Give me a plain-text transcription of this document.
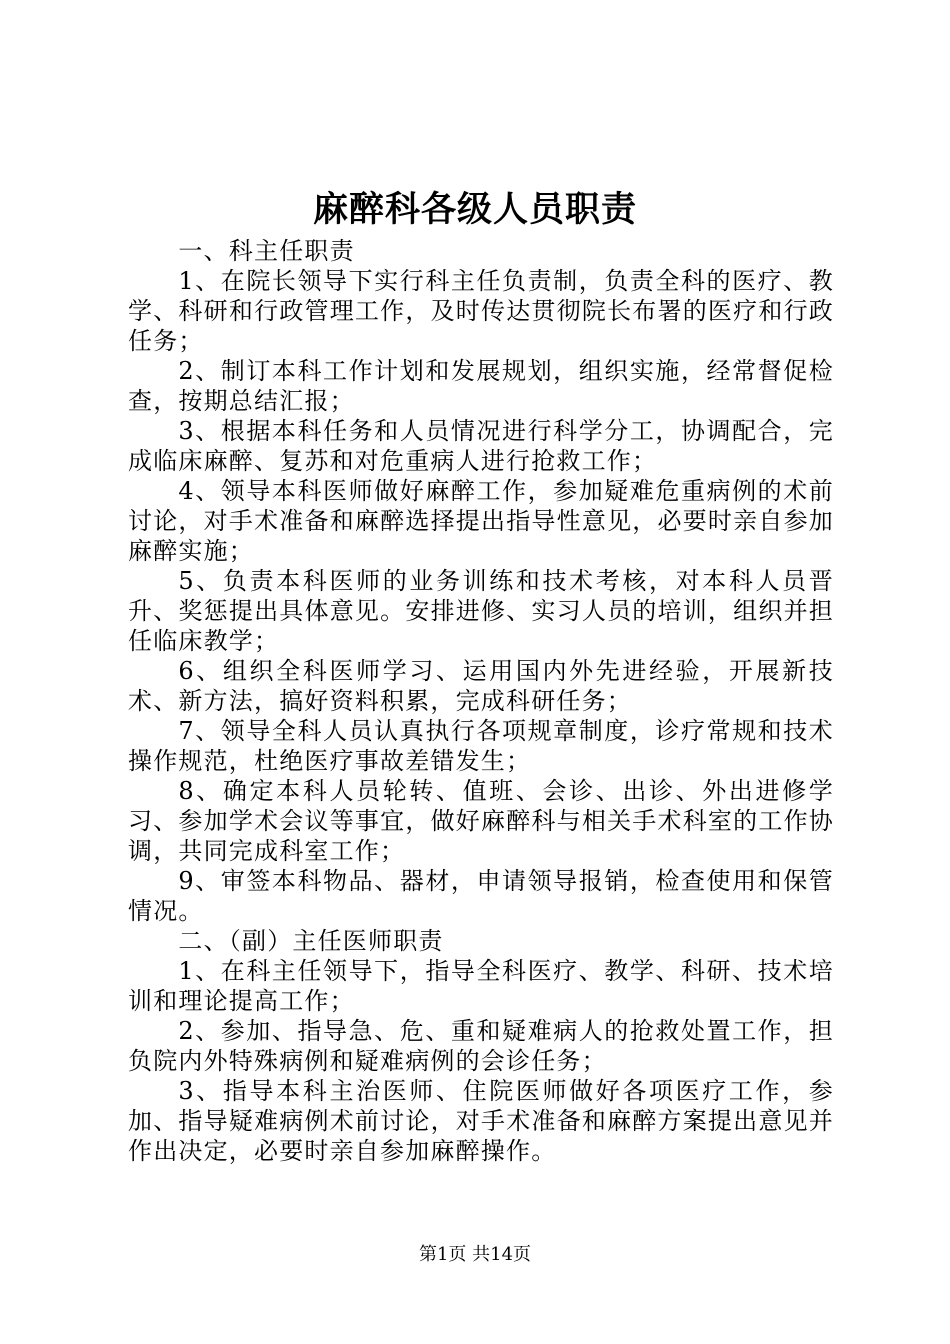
麻醉科各级人员职责

一、科主任职责

1、在院长领导下实行科主任负责制，负责全科的医疗、教学、科研和行政管理工作，及时传达贯彻院长布署的医疗和行政任务；

2、制订本科工作计划和发展规划，组织实施，经常督促检查，按期总结汇报；

3、根据本科任务和人员情况进行科学分工，协调配合，完成临床麻醉、复苏和对危重病人进行抢救工作；

4、领导本科医师做好麻醉工作，参加疑难危重病例的术前讨论，对手术准备和麻醉选择提出指导性意见，必要时亲自参加麻醉实施；

5、负责本科医师的业务训练和技术考核，对本科人员晋升、奖惩提出具体意见。安排进修、实习人员的培训，组织并担任临床教学；

6、组织全科医师学习、运用国内外先进经验，开展新技术、新方法，搞好资料积累，完成科研任务；

7、领导全科人员认真执行各项规章制度，诊疗常规和技术操作规范，杜绝医疗事故差错发生；

8、确定本科人员轮转、值班、会诊、出诊、外出进修学习、参加学术会议等事宜，做好麻醉科与相关手术科室的工作协调，共同完成科室工作；

9、审签本科物品、器材，申请领导报销，检查使用和保管情况。

二、（副）主任医师职责

1、在科主任领导下，指导全科医疗、教学、科研、技术培训和理论提高工作；

2、参加、指导急、危、重和疑难病人的抢救处置工作，担负院内外特殊病例和疑难病例的会诊任务；

3、指导本科主治医师、住院医师做好各项医疗工作，参加、指导疑难病例术前讨论，对手术准备和麻醉方案提出意见并作出决定，必要时亲自参加麻醉操作。

第1页 共14页
